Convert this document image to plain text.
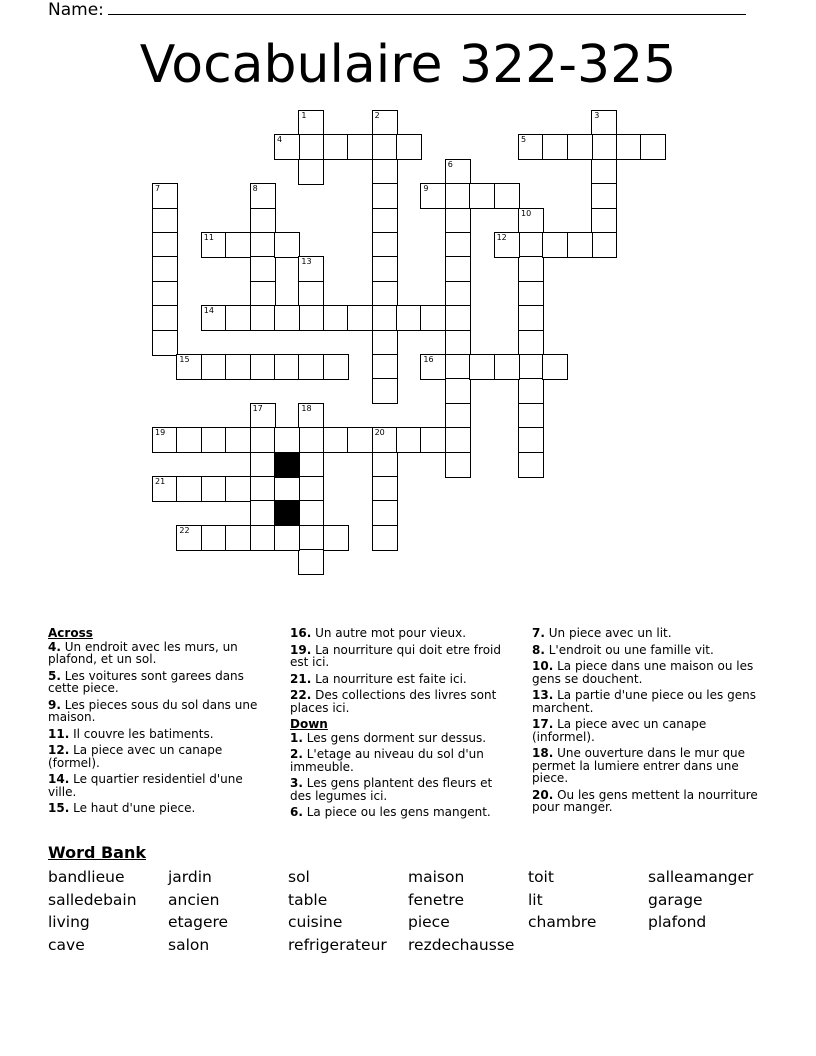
Name:
Vocabulaire 322-325
1	2	3
4	5
6
7	8	9
10
11	12
13
14
15	16
17	18
19	20
21
22
Across
4. Un endroit avec les murs, un plafond, et un sol.
5. Les voitures sont garees dans cette piece.
9. Les pieces sous du sol dans une maison.
11. Il couvre les batiments.
12. La piece avec un canape (formel).
14. Le quartier residentiel d'une ville.
15. Le haut d'une piece.
16. Un autre mot pour vieux.
19. La nourriture qui doit etre froid est ici.
21. La nourriture est faite ici.
22. Des collections des livres sont places ici.
Down
1. Les gens dorment sur dessus.
2. L'etage au niveau du sol d'un immeuble.
3. Les gens plantent des fleurs et des legumes ici.
6. La piece ou les gens mangent.
7. Un piece avec un lit.
8. L'endroit ou une famille vit.
10. La piece dans une maison ou les gens se douchent.
13. La partie d'une piece ou les gens marchent.
17. La piece avec un canape (informel).
18. Une ouverture dans le mur que permet la lumiere entrer dans une piece.
20. Ou les gens mettent la nourriture pour manger.
Word Bank
bandlieue	jardin	sol	maison	toit	salleamanger
salledebain	ancien	table	fenetre	lit	garage
living	etagere	cuisine	piece	chambre	plafond
cave	salon	refrigerateur	rezdechausse
